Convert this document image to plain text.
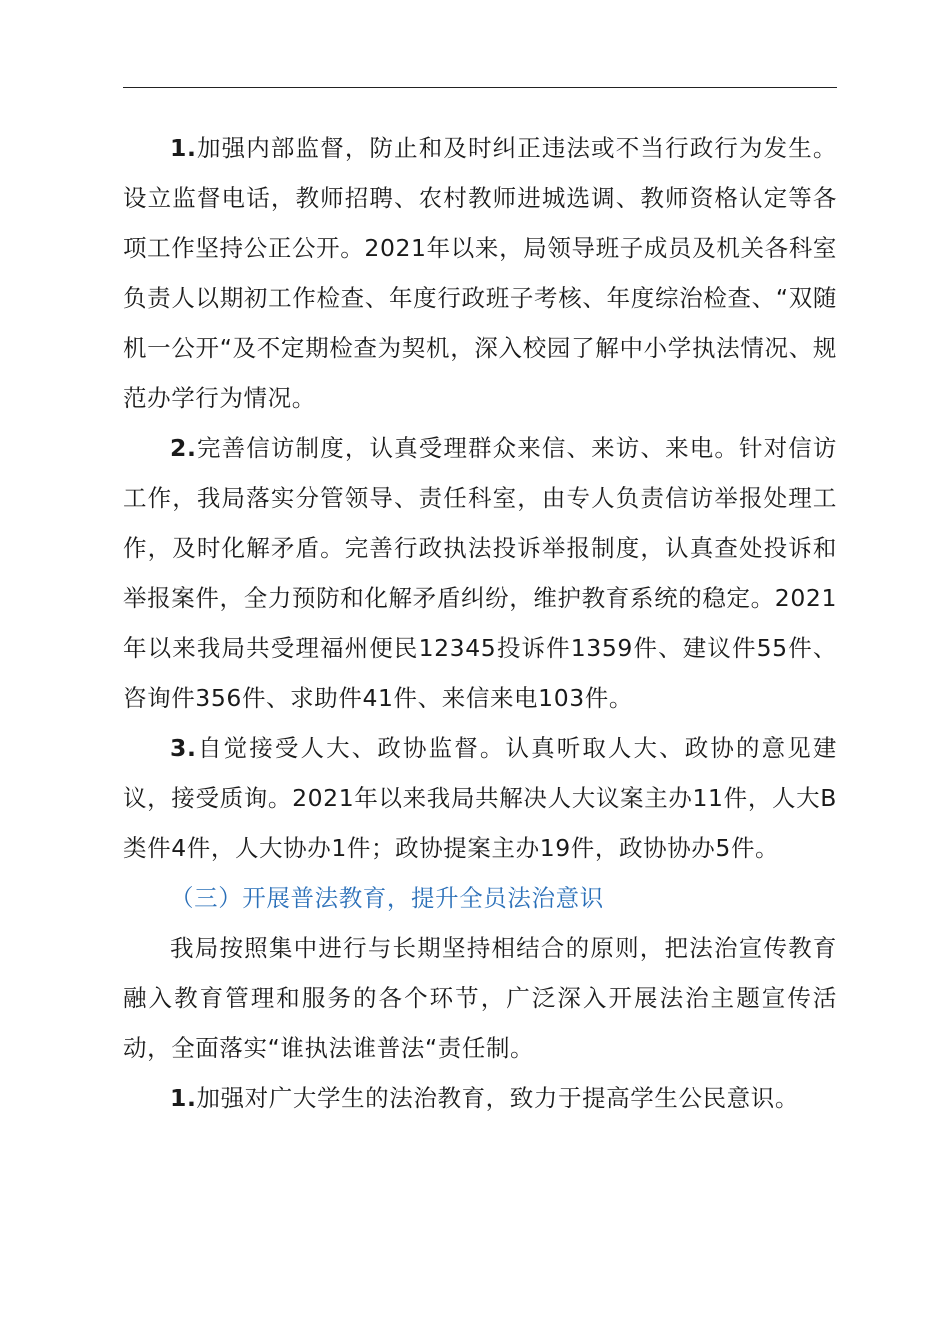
1.加强内部监督，防止和及时纠正违法或不当行政行为发生。设立监督电话，教师招聘、农村教师进城选调、教师资格认定等各项工作坚持公正公开。2021年以来，局领导班子成员及机关各科室负责人以期初工作检查、年度行政班子考核、年度综治检查、“双随机一公开“及不定期检查为契机，深入校园了解中小学执法情况、规范办学行为情况。

2.完善信访制度，认真受理群众来信、来访、来电。针对信访工作，我局落实分管领导、责任科室，由专人负责信访举报处理工作，及时化解矛盾。完善行政执法投诉举报制度，认真查处投诉和举报案件，全力预防和化解矛盾纠纷，维护教育系统的稳定。2021年以来我局共受理福州便民12345投诉件1359件、建议件55件、咨询件356件、求助件41件、来信来电103件。

3.自觉接受人大、政协监督。认真听取人大、政协的意见建议，接受质询。2021年以来我局共解决人大议案主办11件，人大B类件4件，人大协办1件；政协提案主办19件，政协协办5件。

（三）开展普法教育，提升全员法治意识

我局按照集中进行与长期坚持相结合的原则，把法治宣传教育融入教育管理和服务的各个环节，广泛深入开展法治主题宣传活动，全面落实“谁执法谁普法“责任制。

1.加强对广大学生的法治教育，致力于提高学生公民意识。
